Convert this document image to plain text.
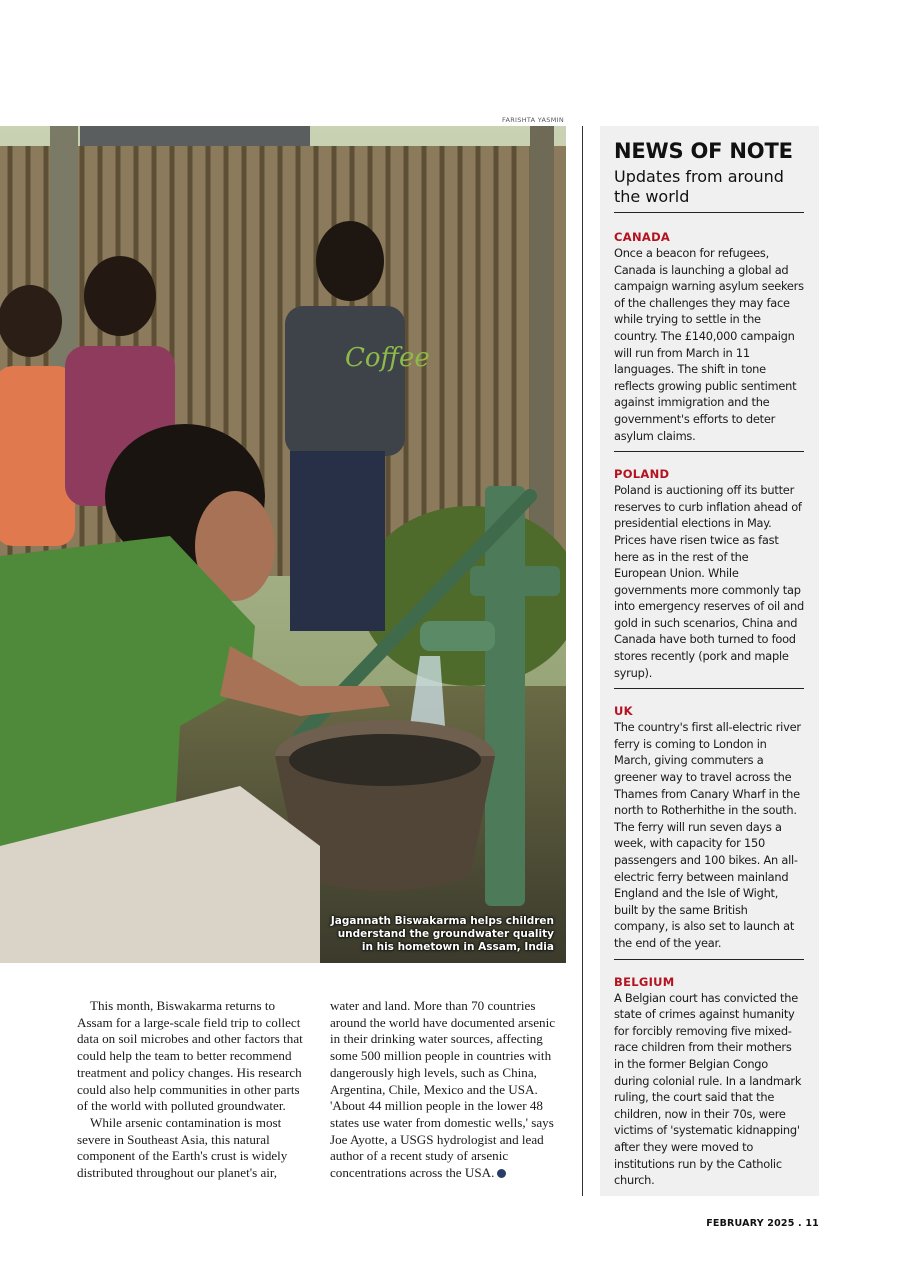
FARISHTA YASMIN
Coffee
Jagannath Biswakarma helps children understand the groundwater quality in his hometown in Assam, India

This month, Biswakarma returns to Assam for a large-scale field trip to collect data on soil microbes and other factors that could help the team to better recommend treatment and policy changes. His research could also help communities in other parts of the world with polluted groundwater.

While arsenic contamination is most severe in Southeast Asia, this natural component of the Earth's crust is widely distributed throughout our planet's air,

water and land. More than 70 countries around the world have documented arsenic in their drinking water sources, affecting some 500 million people in countries with dangerously high levels, such as China, Argentina, Chile, Mexico and the USA. 'About 44 million people in the lower 48 states use water from domestic wells,' says Joe Ayotte, a USGS hydrologist and lead author of a recent study of arsenic concentrations across the USA.

NEWS OF NOTE
Updates from around the world
CANADA
Once a beacon for refugees, Canada is launching a global ad campaign warning asylum seekers of the challenges they may face while trying to settle in the country. The £140,000 campaign will run from March in 11 languages. The shift in tone reflects growing public sentiment against immigration and the government's efforts to deter asylum claims.
POLAND
Poland is auctioning off its butter reserves to curb inflation ahead of presidential elections in May. Prices have risen twice as fast here as in the rest of the European Union. While governments more commonly tap into emergency reserves of oil and gold in such scenarios, China and Canada have both turned to food stores recently (pork and maple syrup).
UK
The country's first all-electric river ferry is coming to London in March, giving commuters a greener way to travel across the Thames from Canary Wharf in the north to Rotherhithe in the south. The ferry will run seven days a week, with capacity for 150 passengers and 100 bikes. An all-electric ferry between mainland England and the Isle of Wight, built by the same British company, is also set to launch at the end of the year.
BELGIUM
A Belgian court has convicted the state of crimes against humanity for forcibly removing five mixed-race children from their mothers in the former Belgian Congo during colonial rule. In a landmark ruling, the court said that the children, now in their 70s, were victims of 'systematic kidnapping' after they were moved to institutions run by the Catholic church.
FEBRUARY 2025 . 11
